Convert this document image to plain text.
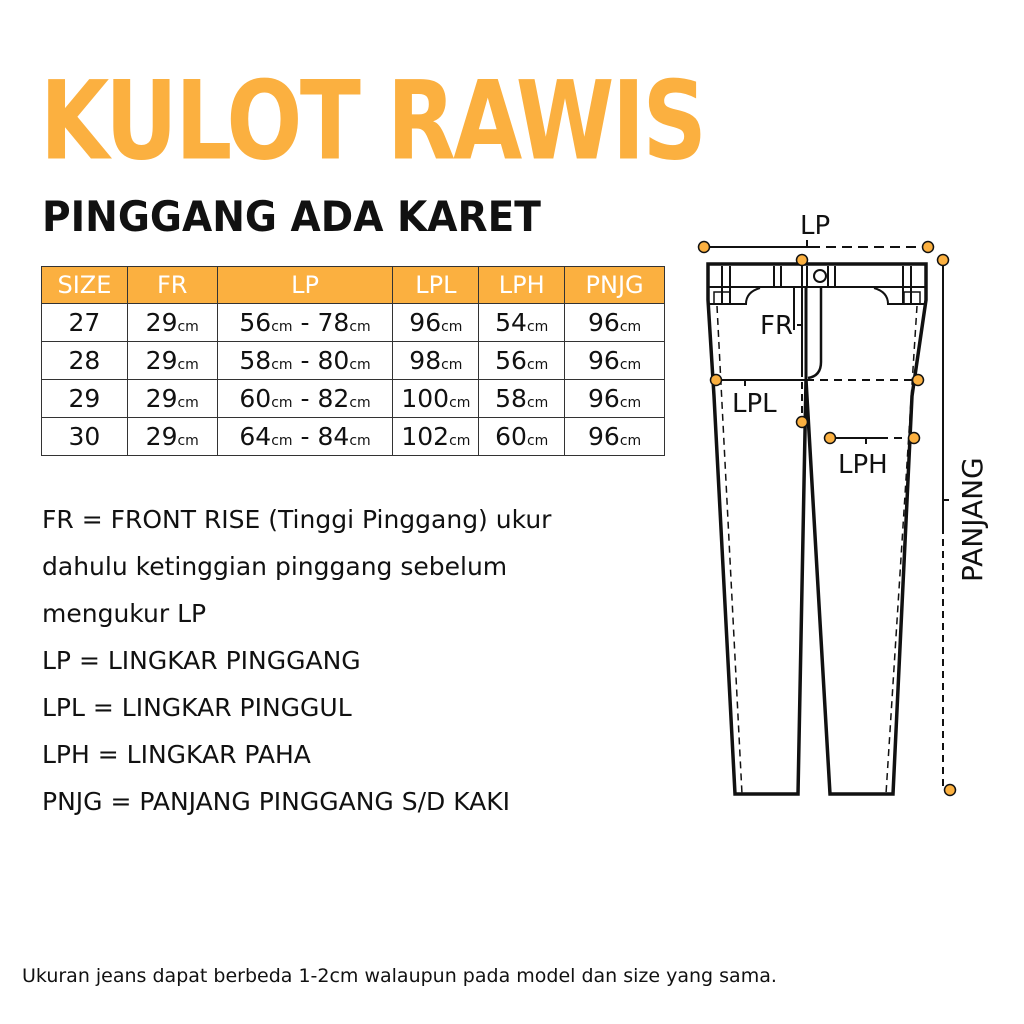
KULOT RAWIS
PINGGANG ADA KARET
SIZE	FR	LP	LPL	LPH	PNJG
27	29cm	56cm - 78cm	96cm	54cm	96cm
28	29cm	58cm - 80cm	98cm	56cm	96cm
29	29cm	60cm - 82cm	100cm	58cm	96cm
30	29cm	64cm - 84cm	102cm	60cm	96cm
FR = FRONT RISE (Tinggi Pinggang) ukur
dahulu ketinggian pinggang sebelum
mengukur LP
LP = LINGKAR PINGGANG
LPL = LINGKAR PINGGUL
LPH = LINGKAR PAHA
PNJG = PANJANG PINGGANG S/D KAKI
LP
FR
LPL
LPH PANJANG
Ukuran jeans dapat berbeda 1-2cm walaupun pada model dan size yang sama.
